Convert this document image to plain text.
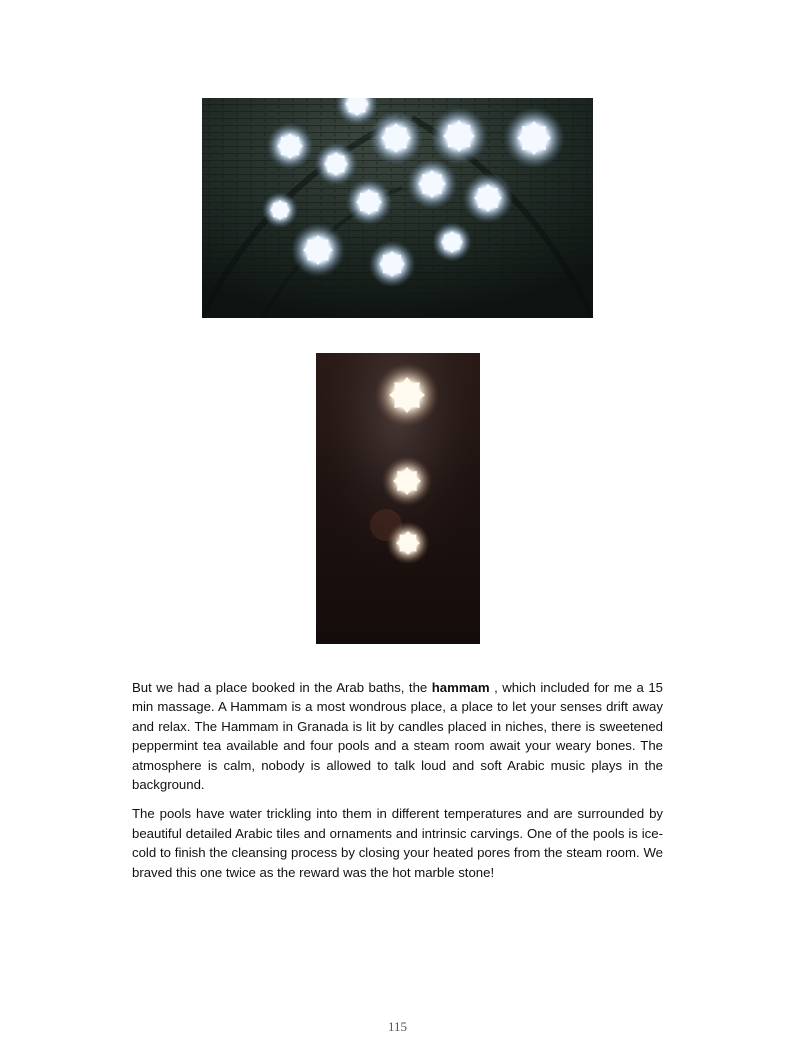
But we had a place booked in the Arab baths, the hammam , which included for me a 15 min massage. A Hammam is a most wondrous place, a place to let your senses drift away and relax. The Hammam in Granada is lit by candles placed in niches, there is sweetened peppermint tea available and four pools and a steam room await your weary bones. The atmosphere is calm, nobody is allowed to talk loud and soft Arabic music plays in the background.

The pools have water trickling into them in different temperatures and are surrounded by beautiful detailed Arabic tiles and ornaments and intrinsic carvings. One of the pools is ice-cold to finish the cleansing process by closing your heated pores from the steam room. We braved this one twice as the reward was the hot marble stone!

115
